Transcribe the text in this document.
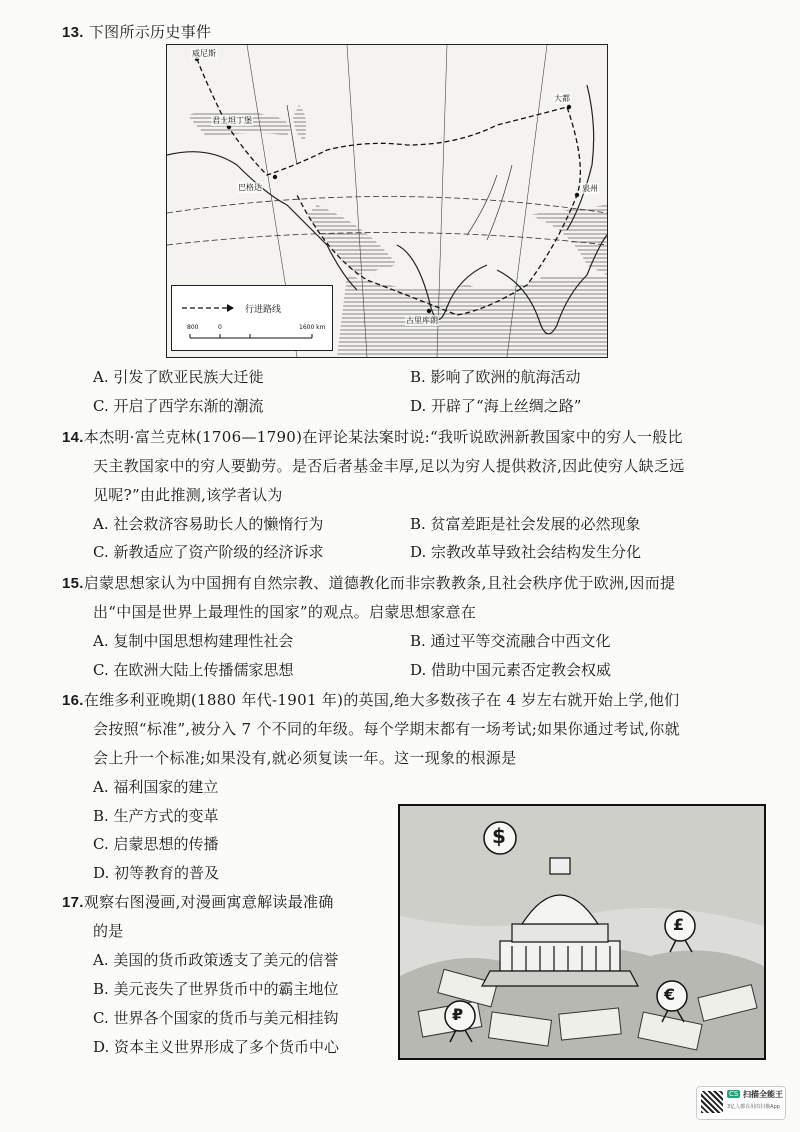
13. 下图所示历史事件
威尼斯
君士坦丁堡
巴格达
大都
泉州
古里库朗
行进路线
800	0	1600 km
A. 引发了欧亚民族大迁徙	B. 影响了欧洲的航海活动
C. 开启了西学东渐的潮流	D. 开辟了“海上丝绸之路”
14.本杰明·富兰克林(1706—1790)在评论某法案时说:“我听说欧洲新教国家中的穷人一般比
天主教国家中的穷人要勤劳。是否后者基金丰厚,足以为穷人提供救济,因此使穷人缺乏远
见呢?”由此推测,该学者认为
A. 社会救济容易助长人的懒惰行为	B. 贫富差距是社会发展的必然现象
C. 新教适应了资产阶级的经济诉求	D. 宗教改革导致社会结构发生分化
15.启蒙思想家认为中国拥有自然宗教、道德教化而非宗教教条,且社会秩序优于欧洲,因而提
出“中国是世界上最理性的国家”的观点。启蒙思想家意在
A. 复制中国思想构建理性社会	B. 通过平等交流融合中西文化
C. 在欧洲大陆上传播儒家思想	D. 借助中国元素否定教会权威
16.在维多利亚晚期(1880 年代-1901 年)的英国,绝大多数孩子在 4 岁左右就开始上学,他们
会按照“标准”,被分入 7 个不同的年级。每个学期末都有一场考试;如果你通过考试,你就
会上升一个标准;如果没有,就必须复读一年。这一现象的根源是
A. 福利国家的建立
B. 生产方式的变革
C. 启蒙思想的传播
D. 初等教育的普及
17.观察右图漫画,对漫画寓意解读最准确
的是
A. 美国的货币政策透支了美元的信誉
B. 美元丧失了世界货币中的霸主地位
C. 世界各个国家的货币与美元相挂钩
D. 资本主义世界形成了多个货币中心
$
£
€
₽
CS 扫描全能王
3亿人都在用的扫描App
